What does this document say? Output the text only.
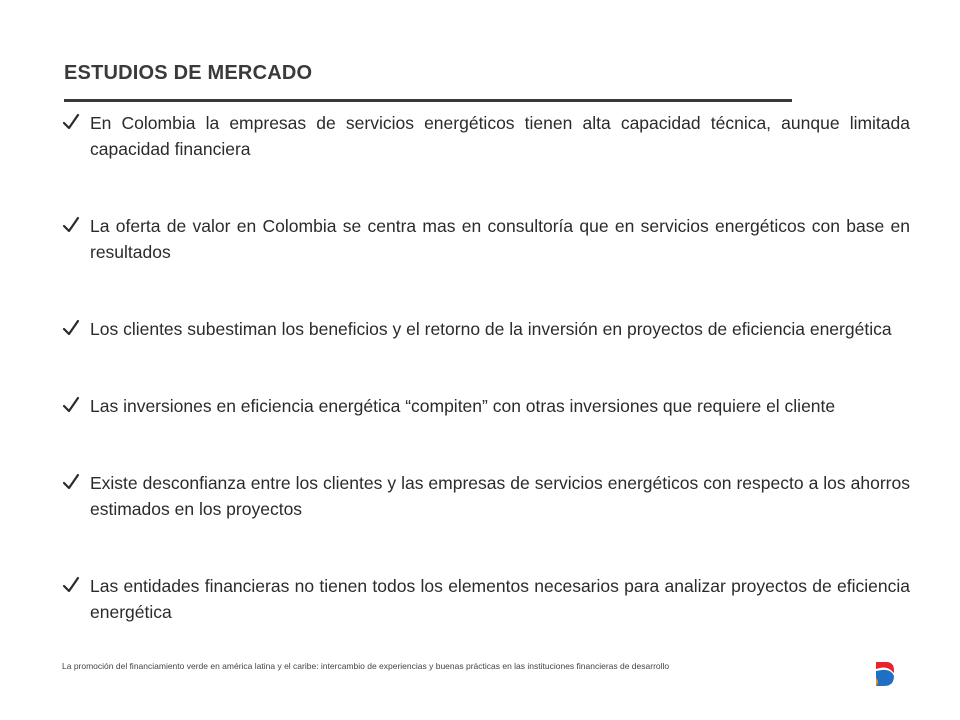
ESTUDIOS DE MERCADO
En Colombia la empresas de servicios energéticos tienen alta capacidad técnica, aunque limitada capacidad financiera
La oferta de valor en Colombia se centra mas en consultoría que en servicios energéticos con base en resultados
Los clientes subestiman los beneficios y el retorno de la inversión en proyectos de eficiencia energética
Las inversiones en eficiencia energética “compiten” con otras inversiones que requiere el cliente
Existe desconfianza entre los clientes y las empresas de servicios energéticos con respecto a los ahorros estimados en los proyectos
Las entidades financieras no tienen todos los elementos necesarios para analizar proyectos de eficiencia energética
La promoción del financiamiento verde en américa latina y el caribe: intercambio de experiencias y buenas prácticas en las instituciones financieras de desarrollo
